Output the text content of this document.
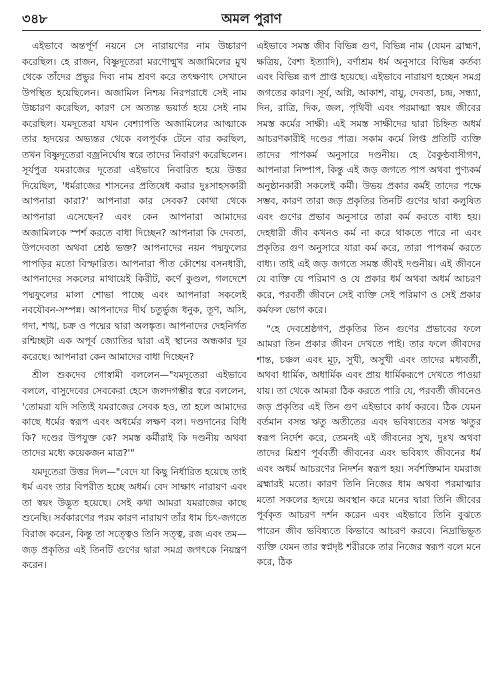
৩৪৮	অমল পুরাণ

এইভাবে অন্তর্পূর্ণ নয়নে সে নারায়ণের নাম উচ্চারণ করেছিল। হে রাজন, বিষ্ণুদূতেরা মরণোন্মুখ অজামিলের মুখ থেকে তাঁদের প্রভুর দিব্য নাম শ্রবণ করে তৎক্ষণাৎ সেখানে উপস্থিত হয়েছিলেন। অজামিল নিশ্চয় নিরপরাধে সেই নাম উচ্চারণ করেছিল, কারণ সে অত্যন্ত ভয়ার্ত হয়ে সেই নাম করেছিল। যমদূতেরা যখন বেশ্যাপতি অজামিলের আত্মাকে তার হৃদয়ের অভ্যন্তর থেকে বলপূর্বক টেনে বার করছিল, তখন বিষ্ণুদূতেরা বজ্রনির্ঘোষ স্বরে তাদের নিবারণ করেছিলেন। সূর্যপুত্র যমরাজের দূতেরা এইভাবে নিবারিত হয়ে উত্তর দিয়েছিল, 'ধর্মরাজের শাসনের প্রতিষেধ করার দুঃসাহসকারী আপনারা কারা?' আপনারা কার সেবক? কোথা থেকে আপনারা এসেছেন? এবং কেন আপনারা আমাদের অজামিলকে স্পর্শ করতে বাধা দিচ্ছেন? আপনারা কি দেবতা, উপদেবতা অথবা শ্রেষ্ঠ ভক্ত? আপনাদের নয়ন পদ্মফুলের পাপড়ির মতো বিস্ফারিত। আপনারা পীত কৌশেয় বসনধারী, আপনাদের সকলের মাথায়েই কিরীট, কর্ণে কুণ্ডল, গলদেশে পদ্মফুলের মালা শোভা পাচ্ছে এবং আপনারা সকলেই নবযৌবন-সম্পন্ন। আপনাদের দীর্ঘ চতুর্ভুজ ধনুক, তূণ, অসি, গদা, শঙ্খ, চক্র ও পদ্মের দ্বারা অলঙ্কৃত। আপনাদের দেহনির্গত রশ্মিচ্ছটা এক অপূর্ব জ্যোতির দ্বারা এই স্থানের অন্ধকার দূর করেছে। আপনারা কেন আমাদের বাধা দিচ্ছেন?

শ্রীল শুকদেব গোস্বামী বললেন—"যমদূতেরা এইভাবে বললে, বাসুদেবের সেবকেরা হেসে জলদগম্ভীর স্বরে বললেন, 'তোমরা যদি সত্যিই যমরাজের সেবক হও, তা হলে আমাদের কাছে ধর্মের স্বরূপ এবং অধর্মের লক্ষণ বল। দণ্ডদানের বিধি কি? দণ্ডের উপযুক্ত কে? সমস্ত কর্মীরাই কি দণ্ডনীয় অথবা তাদের মধ্যে কয়েকজন মাত্র?'"

যমদূতেরা উত্তর দিল—"বেদে যা কিছু নির্ধারিত হয়েছে তাই ধর্ম এবং তার বিপরীত হচ্ছে অধর্ম। বেদ সাক্ষাৎ নারায়ণ এবং তা স্বয়ং উদ্ভূত হয়েছে। সেই কথা আমরা যমরাজের কাছে শুনেছি। সর্বকারণের পরম কারণ নারায়ণ তাঁর ধাম চিৎ-জগতে বিরাজ করেন, কিন্তু তা সত্ত্বেও তিনি সত্ত্ব, রজ এবং তম—জড় প্রকৃতির এই তিনটি গুণের দ্বারা সমগ্র জগৎকে নিয়ন্ত্রণ করেন।

এইভাবে সমস্ত জীব বিভিন্ন গুণ, বিভিন্ন নাম (যেমন ব্রাহ্মণ, ক্ষত্রিয়, বৈশ্য ইত্যাদি), বর্ণাশ্রম ধর্ম অনুসারে বিভিন্ন কর্তব্য এবং বিভিন্ন রূপ প্রাপ্ত হয়েছে। এইভাবে নারায়ণ হচ্ছেন সমগ্র জগতের কারণ। সূর্য, অগ্নি, আকাশ, বায়ু, দেবতা, চন্দ্র, সন্ধ্যা, দিন, রাত্রি, দিক, জল, পৃথিবী এবং পরমাত্মা স্বয়ং জীবের সমস্ত কর্মের সাক্ষী। এই সমস্ত সাক্ষীদের দ্বারা চিহ্নিত অধর্ম আচরণকারীই দণ্ডের পাত্র। সকাম কর্মে লিপ্ত প্রতিটি ব্যক্তি তাদের পাপকর্ম অনুসারে দণ্ডনীয়। হে বৈকুণ্ঠবাসীগণ, আপনারা নিষ্পাপ, কিন্তু এই জড় জগতে পাপ অথবা পুণ্যকর্ম অনুষ্ঠানকারী সকলেই কর্মী। উভয় প্রকার কর্মই তাদের পক্ষে সম্ভব, কারণ তারা জড় প্রকৃতির তিনটি গুণের দ্বারা কলুষিত এবং গুণের প্রভাব অনুসারে তারা কর্ম করতে বাধ্য হয়। দেহধারী জীব কখনও কর্ম না করে থাকতে পারে না এবং প্রকৃতির গুণ অনুসারে যারা কর্ম করে, তারা পাপকর্ম করতে বাধ্য। তাই এই জড় জগতে সমস্ত জীবই দণ্ডনীয়। এই জীবনে যে ব্যক্তি যে পরিমাণ ও যে প্রকার ধর্ম অথবা অধর্ম আচরণ করে, পরবর্তী জীবনে সেই ব্যক্তি সেই পরিমাণ ও সেই প্রকার কর্মফল ভোগ করে।

"হে দেবশ্রেষ্ঠগণ, প্রকৃতির তিন গুণের প্রভাবের ফলে আমরা তিন প্রকার জীবন দেখতে পাই। তার ফলে জীবদের শান্ত, চঞ্চল এবং মূঢ়, সুখী, অসুখী এবং তাদের মধ্যবর্তী, অথবা ধার্মিক, অধার্মিক এবং প্রায় ধার্মিকরূপে দেখতে পাওয়া যায়। তা থেকে আমরা ঠিক করতে পারি যে, পরবর্তী জীবনেও জড় প্রকৃতির এই তিন গুণ এইভাবে কার্য করবে। ঠিক যেমন বর্তমান বসন্ত ঋতু অতীতের এবং ভবিষ্যতের বসন্ত ঋতুর স্বরূপ নির্দেশ করে, তেমনই এই জীবনের সুখ, দুঃখ অথবা তাদের মিশ্রণ পূর্ববর্তী জীবনের এবং ভবিষ্যৎ জীবনের ধর্ম এবং অধর্ম আচরণের নিদর্শন স্বরূপ হয়। সর্বশক্তিমান যমরাজ ব্রহ্মারই মতো। কারণ তিনি নিজের ধাম অথবা পরমাত্মার মতো সকলের হৃদয়ে অবস্থান করে মনের দ্বারা তিনি জীবের পূর্বকৃত আচরণ দর্শন করেন এবং এইভাবে তিনি বুঝতে পারেন জীব ভবিষ্যতে কিভাবে আচরণ করবে। নিদ্রাভিভূত ব্যক্তি যেমন তার স্বপ্নদৃষ্ট শরীরকে তার নিজের স্বরূপ বলে মনে করে, ঠিক
